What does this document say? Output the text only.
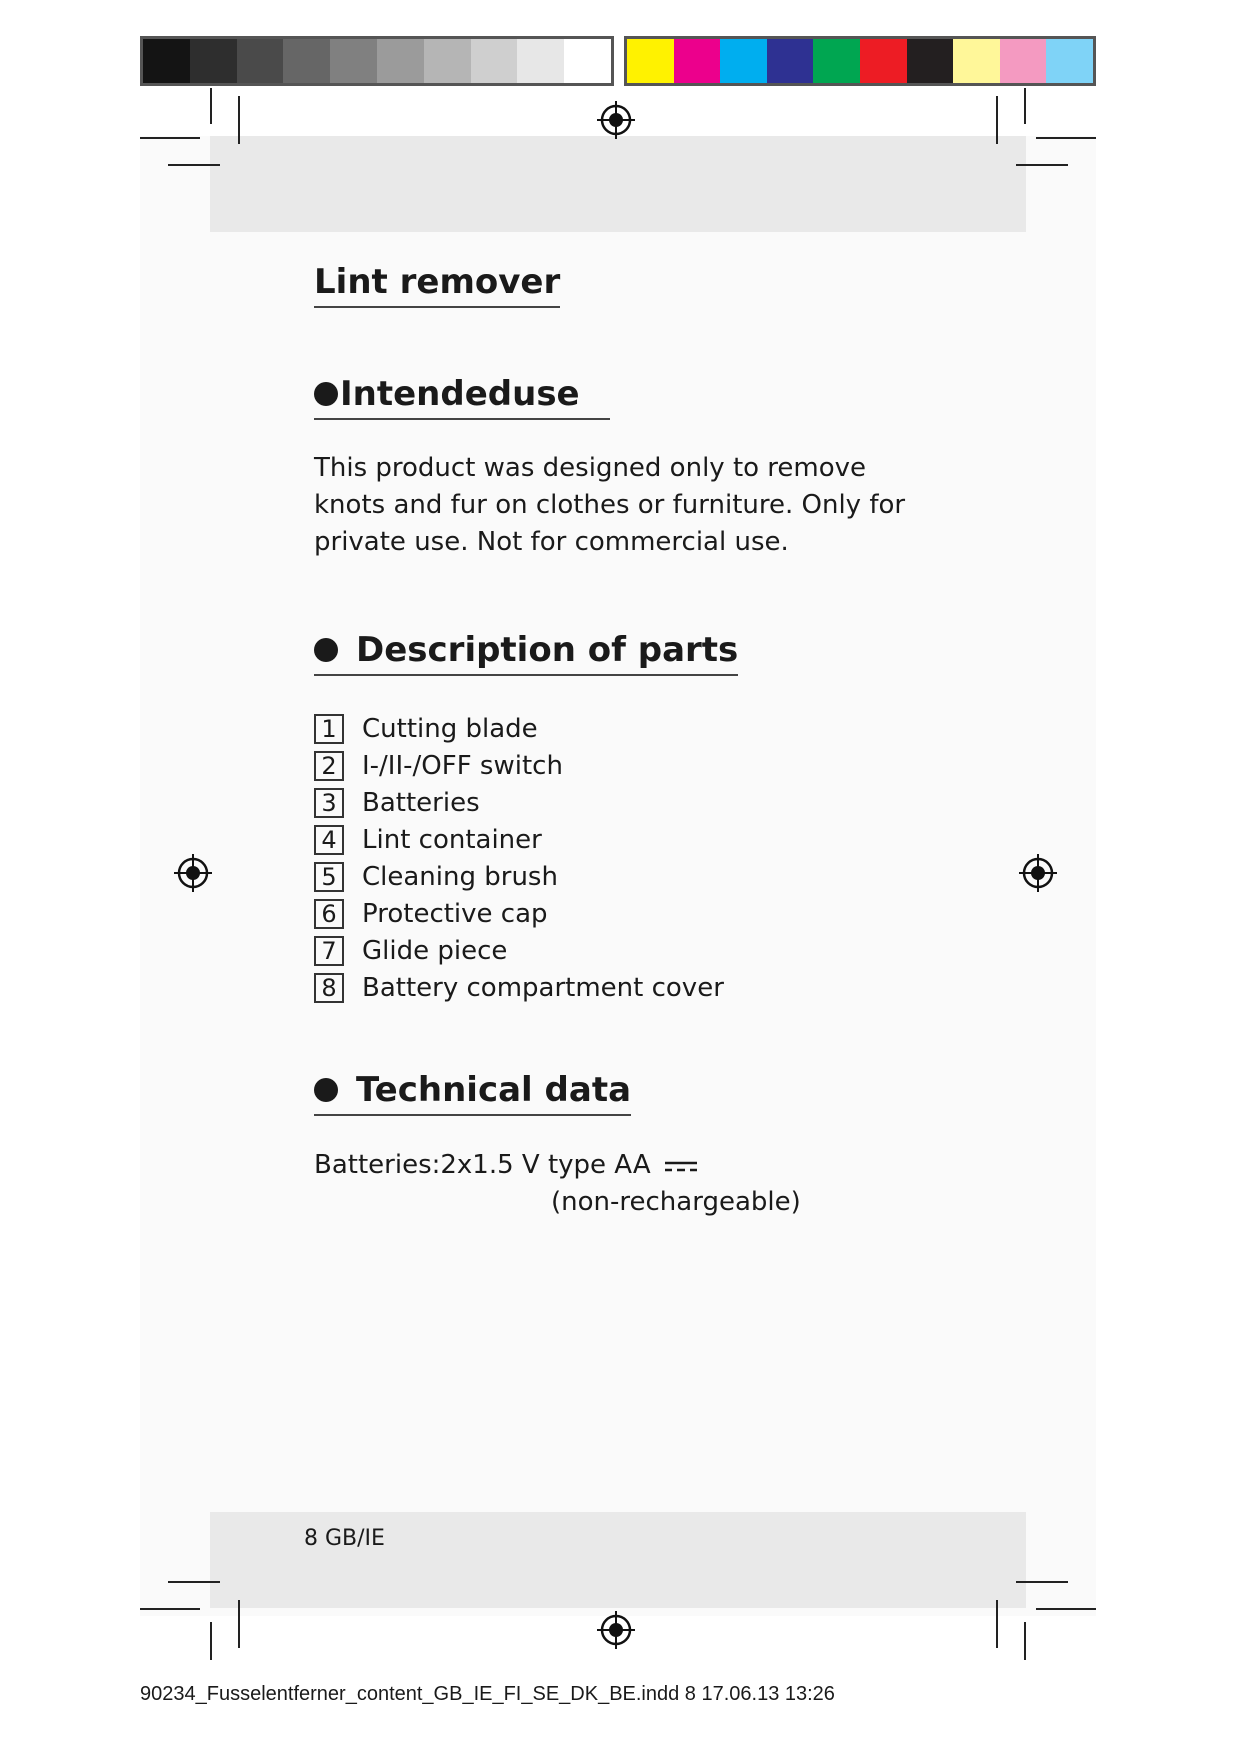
Lint remover
Intendeduse

This product was designed only to remove knots and fur on clothes or furniture. Only for private use. Not for commercial use.

Description of parts
1 Cutting blade
2 I-/II-/OFF switch
3 Batteries
4 Lint container
5 Cleaning brush
6 Protective cap
7 Glide piece
8 Battery compartment cover
Technical data
Batteries:2x1.5 V type AA
(non-rechargeable)
8 GB/IE
90234_Fusselentferner_content_GB_IE_FI_SE_DK_BE.indd 8 17.06.13 13:26
